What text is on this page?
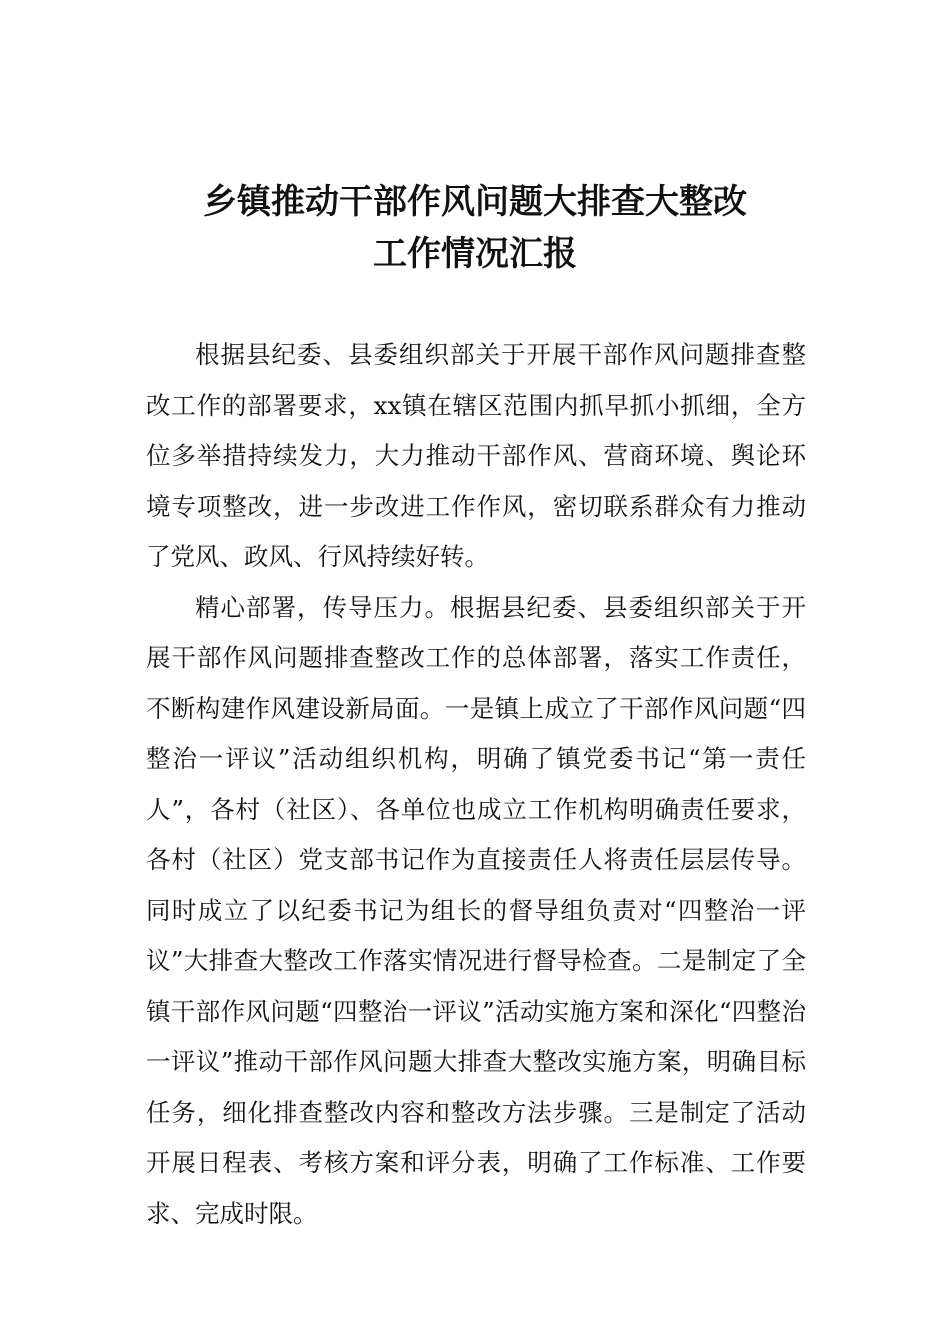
乡镇推动干部作风问题大排查大整改
工作情况汇报

根据县纪委、县委组织部关于开展干部作风问题排查整改工作的部署要求，xx镇在辖区范围内抓早抓小抓细，全方位多举措持续发力，大力推动干部作风、营商环境、舆论环境专项整改，进一步改进工作作风，密切联系群众有力推动了党风、政风、行风持续好转。

精心部署，传导压力。根据县纪委、县委组织部关于开展干部作风问题排查整改工作的总体部署，落实工作责任，不断构建作风建设新局面。一是镇上成立了干部作风问题“四整治一评议”活动组织机构，明确了镇党委书记“第一责任人”，各村（社区）、各单位也成立工作机构明确责任要求，各村（社区）党支部书记作为直接责任人将责任层层传导。同时成立了以纪委书记为组长的督导组负责对“四整治一评议”大排查大整改工作落实情况进行督导检查。二是制定了全镇干部作风问题“四整治一评议”活动实施方案和深化“四整治一评议”推动干部作风问题大排查大整改实施方案，明确目标任务，细化排查整改内容和整改方法步骤。三是制定了活动开展日程表、考核方案和评分表，明确了工作标准、工作要求、完成时限。
